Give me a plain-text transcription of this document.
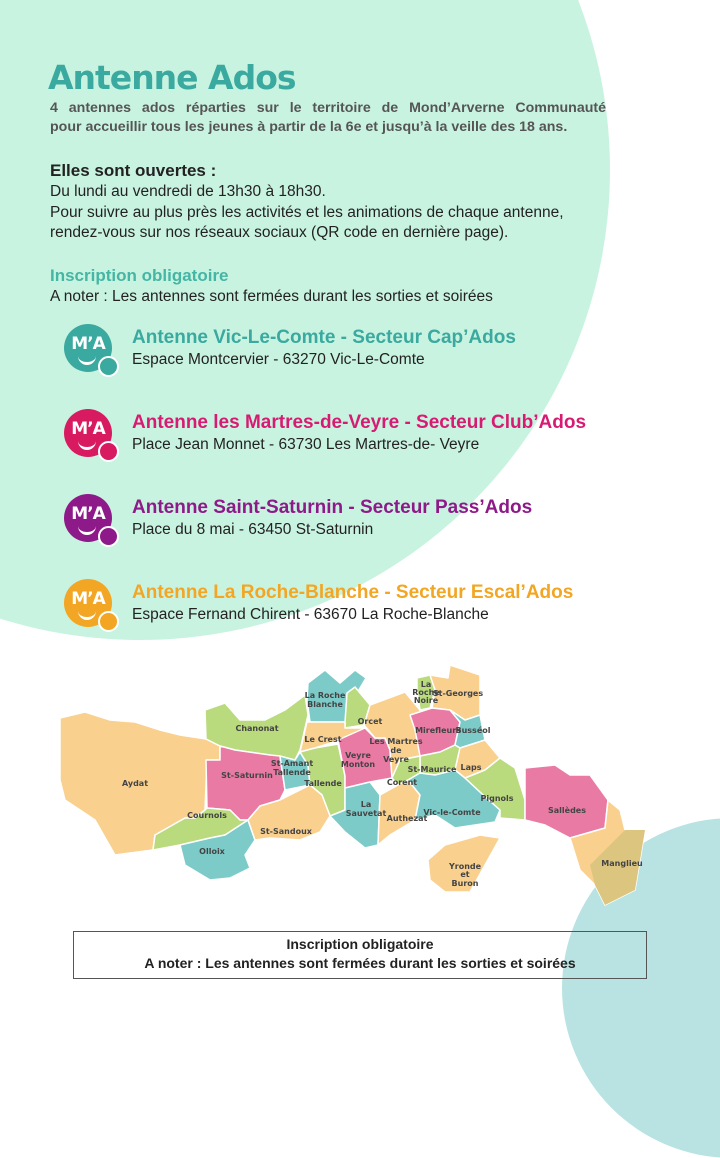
Antenne Ados
4 antennes ados réparties sur le territoire de Mond’Arverne Communauté
pour accueillir tous les jeunes à partir de la 6e et jusqu’à la veille des 18 ans.
Elles sont ouvertes :
Du lundi au vendredi de 13h30 à 18h30.
Pour suivre au plus près les activités et les animations de chaque antenne,
rendez-vous sur nos réseaux sociaux (QR code en dernière page).
Inscription obligatoire
A noter : Les antennes sont fermées durant les sorties et soirées
M’A	Antenne Vic-Le-Comte - Secteur Cap’Ados
Espace Montcervier - 63270 Vic-Le-Comte
M’A	Antenne les Martres-de-Veyre - Secteur Club’Ados
Place Jean Monnet - 63730 Les Martres-de- Veyre
M’A	Antenne Saint-Saturnin - Secteur Pass’Ados
Place du 8 mai - 63450 St-Saturnin
M’A	Antenne La Roche-Blanche - Secteur Escal’Ados
Espace Fernand Chirent - 63670 La Roche-Blanche
Aydat
Chanonat
La Roche
Blanche
Orcet
Le Crest
St-Saturnin
St-Amant
Tallende
Tallende
Veyre
Monton
Les Martres
de
Veyre
La
Roche
Noire
St-Georges
Mirefleurs
Busséol
St-Maurice Laps
Corent
Cournols
Olloix
St-Sandoux
La
Sauvetat
Authezat
Vic-le-Comte
Pignols
Sallèdes
Yronde
et
Buron
Manglieu
Inscription obligatoire
A noter : Les antennes sont fermées durant les sorties et soirées
